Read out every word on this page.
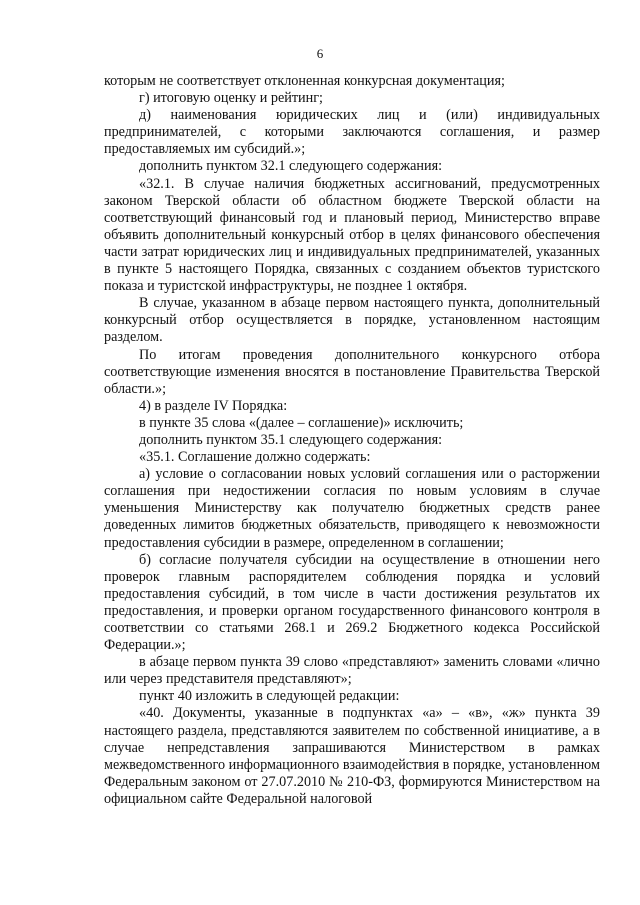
6

которым не соответствует отклоненная конкурсная документация;

г) итоговую оценку и рейтинг;

д) наименования юридических лиц и (или) индивидуальных предпринимателей, с которыми заключаются соглашения, и размер предоставляемых им субсидий.»;

дополнить пунктом 32.1 следующего содержания:

«32.1. В случае наличия бюджетных ассигнований, предусмотренных законом Тверской области об областном бюджете Тверской области на соответствующий финансовый год и плановый период, Министерство вправе объявить дополнительный конкурсный отбор в целях финансового обеспечения части затрат юридических лиц и индивидуальных предпринимателей, указанных в пункте 5 настоящего Порядка, связанных с созданием объектов туристского показа и туристской инфраструктуры, не позднее 1 октября.

В случае, указанном в абзаце первом настоящего пункта, дополнительный конкурсный отбор осуществляется в порядке, установленном настоящим разделом.

По итогам проведения дополнительного конкурсного отбора соответствующие изменения вносятся в постановление Правительства Тверской области.»;

4) в разделе IV Порядка:

в пункте 35 слова «(далее – соглашение)» исключить;

дополнить пунктом 35.1 следующего содержания:

«35.1. Соглашение должно содержать:

а) условие о согласовании новых условий соглашения или о расторжении соглашения при недостижении согласия по новым условиям в случае уменьшения Министерству как получателю бюджетных средств ранее доведенных лимитов бюджетных обязательств, приводящего к невозможности предоставления субсидии в размере, определенном в соглашении;

б) согласие получателя субсидии на осуществление в отношении него проверок главным распорядителем соблюдения порядка и условий предоставления субсидий, в том числе в части достижения результатов их предоставления, и проверки органом государственного финансового контроля в соответствии со статьями 268.1 и 269.2 Бюджетного кодекса Российской Федерации.»;

в абзаце первом пункта 39 слово «представляют» заменить словами «лично или через представителя представляют»;

пункт 40 изложить в следующей редакции:

«40. Документы, указанные в подпунктах «а» – «в», «ж» пункта 39 настоящего раздела, представляются заявителем по собственной инициативе, а в случае непредставления запрашиваются Министерством в рамках межведомственного информационного взаимодействия в порядке, установленном Федеральным законом от 27.07.2010 № 210-ФЗ, формируются Министерством на официальном сайте Федеральной налоговой
